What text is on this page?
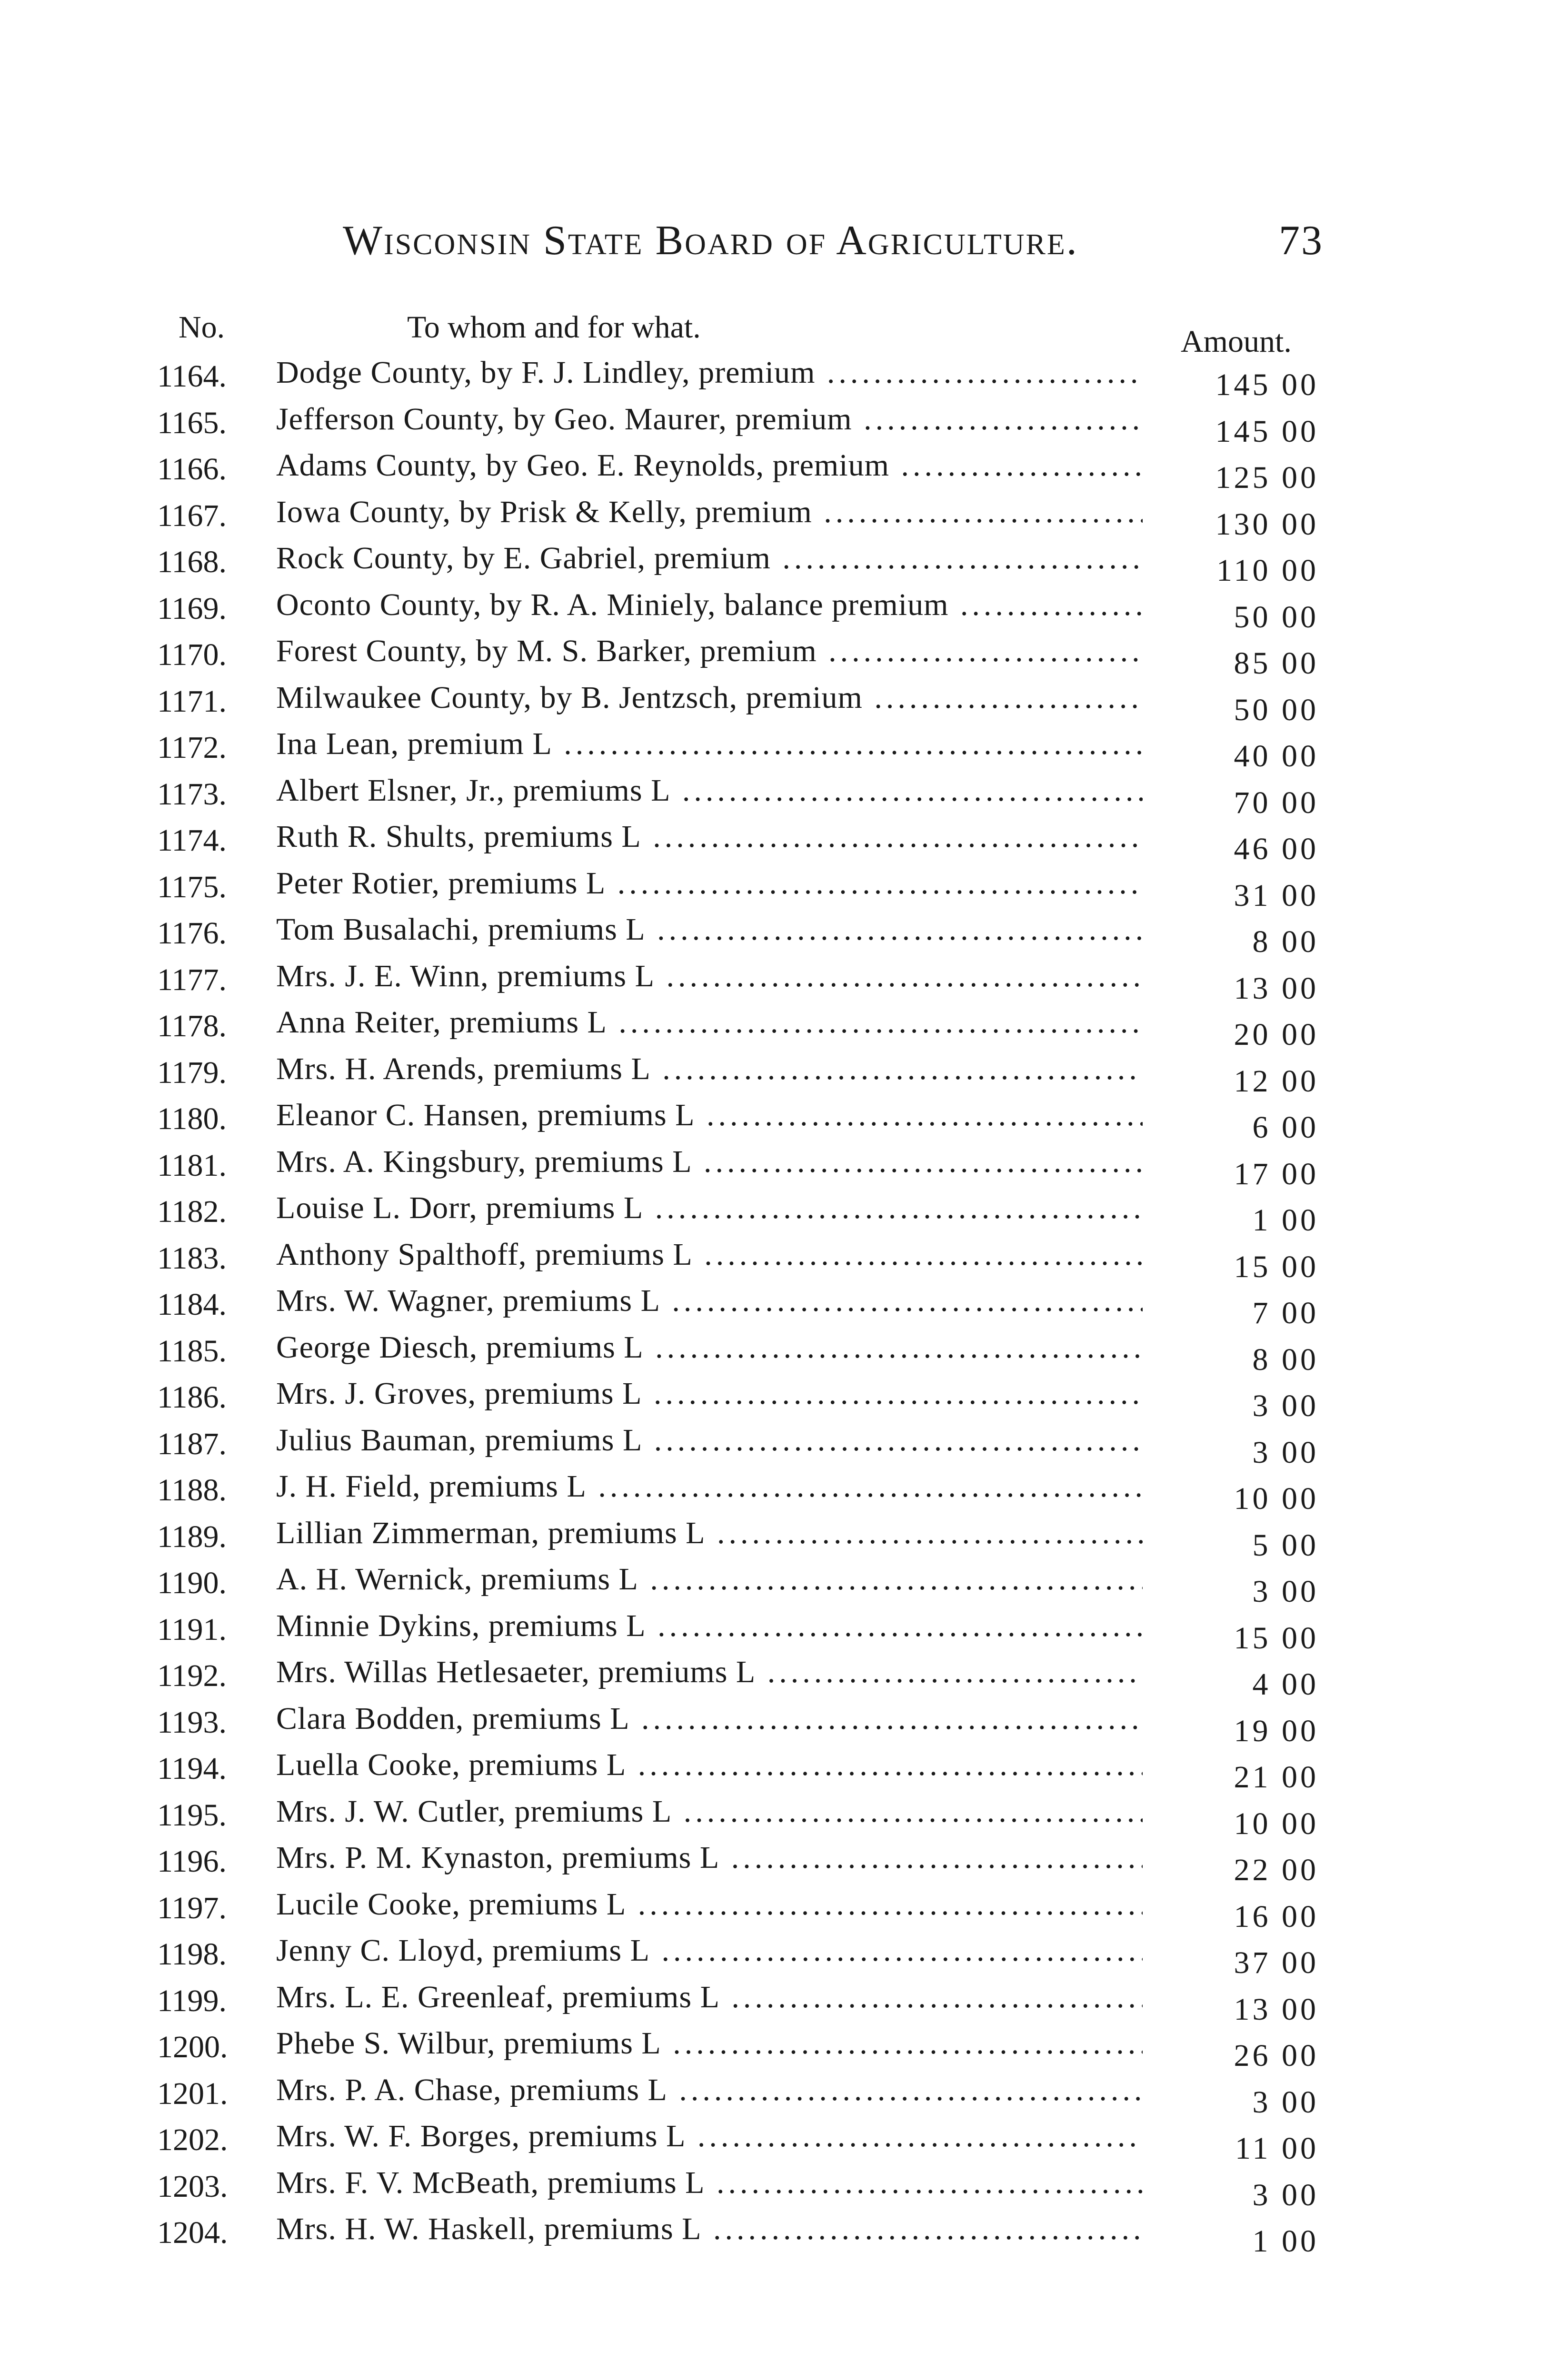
Wisconsin State Board of Agriculture.	73
No.	To whom and for what.	Amount.
1164.	Dodge County, by F. J. Lindley, premium .....	145 00
1165.	Jefferson County, by Geo. Maurer, premium .....	145 00
1166.	Adams County, by Geo. E. Reynolds, premium .....	125 00
1167.	Iowa County, by Prisk & Kelly, premium .....	130 00
1168.	Rock County, by E. Gabriel, premium .....	110 00
1169.	Oconto County, by R. A. Miniely, balance premium .....	50 00
1170.	Forest County, by M. S. Barker, premium .....	85 00
1171.	Milwaukee County, by B. Jentzsch, premium .....	50 00
1172.	Ina Lean, premium L .....	40 00
1173.	Albert Elsner, Jr., premiums L .....	70 00
1174.	Ruth R. Shults, premiums L .....	46 00
1175.	Peter Rotier, premiums L .....	31 00
1176.	Tom Busalachi, premiums L .....	8 00
1177.	Mrs. J. E. Winn, premiums L .....	13 00
1178.	Anna Reiter, premiums L .....	20 00
1179.	Mrs. H. Arends, premiums L .....	12 00
1180.	Eleanor C. Hansen, premiums L .....	6 00
1181.	Mrs. A. Kingsbury, premiums L .....	17 00
1182.	Louise L. Dorr, premiums L .....	1 00
1183.	Anthony Spalthoff, premiums L .....	15 00
1184.	Mrs. W. Wagner, premiums L .....	7 00
1185.	George Diesch, premiums L .....	8 00
1186.	Mrs. J. Groves, premiums L .....	3 00
1187.	Julius Bauman, premiums L .....	3 00
1188.	J. H. Field, premiums L .....	10 00
1189.	Lillian Zimmerman, premiums L .....	5 00
1190.	A. H. Wernick, premiums L .....	3 00
1191.	Minnie Dykins, premiums L .....	15 00
1192.	Mrs. Willas Hetlesaeter, premiums L .....	4 00
1193.	Clara Bodden, premiums L .....	19 00
1194.	Luella Cooke, premiums L .....	21 00
1195.	Mrs. J. W. Cutler, premiums L .....	10 00
1196.	Mrs. P. M. Kynaston, premiums L .....	22 00
1197.	Lucile Cooke, premiums L .....	16 00
1198.	Jenny C. Lloyd, premiums L .....	37 00
1199.	Mrs. L. E. Greenleaf, premiums L .....	13 00
1200.	Phebe S. Wilbur, premiums L .....	26 00
1201.	Mrs. P. A. Chase, premiums L .....	3 00
1202.	Mrs. W. F. Borges, premiums L .....	11 00
1203.	Mrs. F. V. McBeath, premiums L .....	3 00
1204.	Mrs. H. W. Haskell, premiums L .....	1 00
